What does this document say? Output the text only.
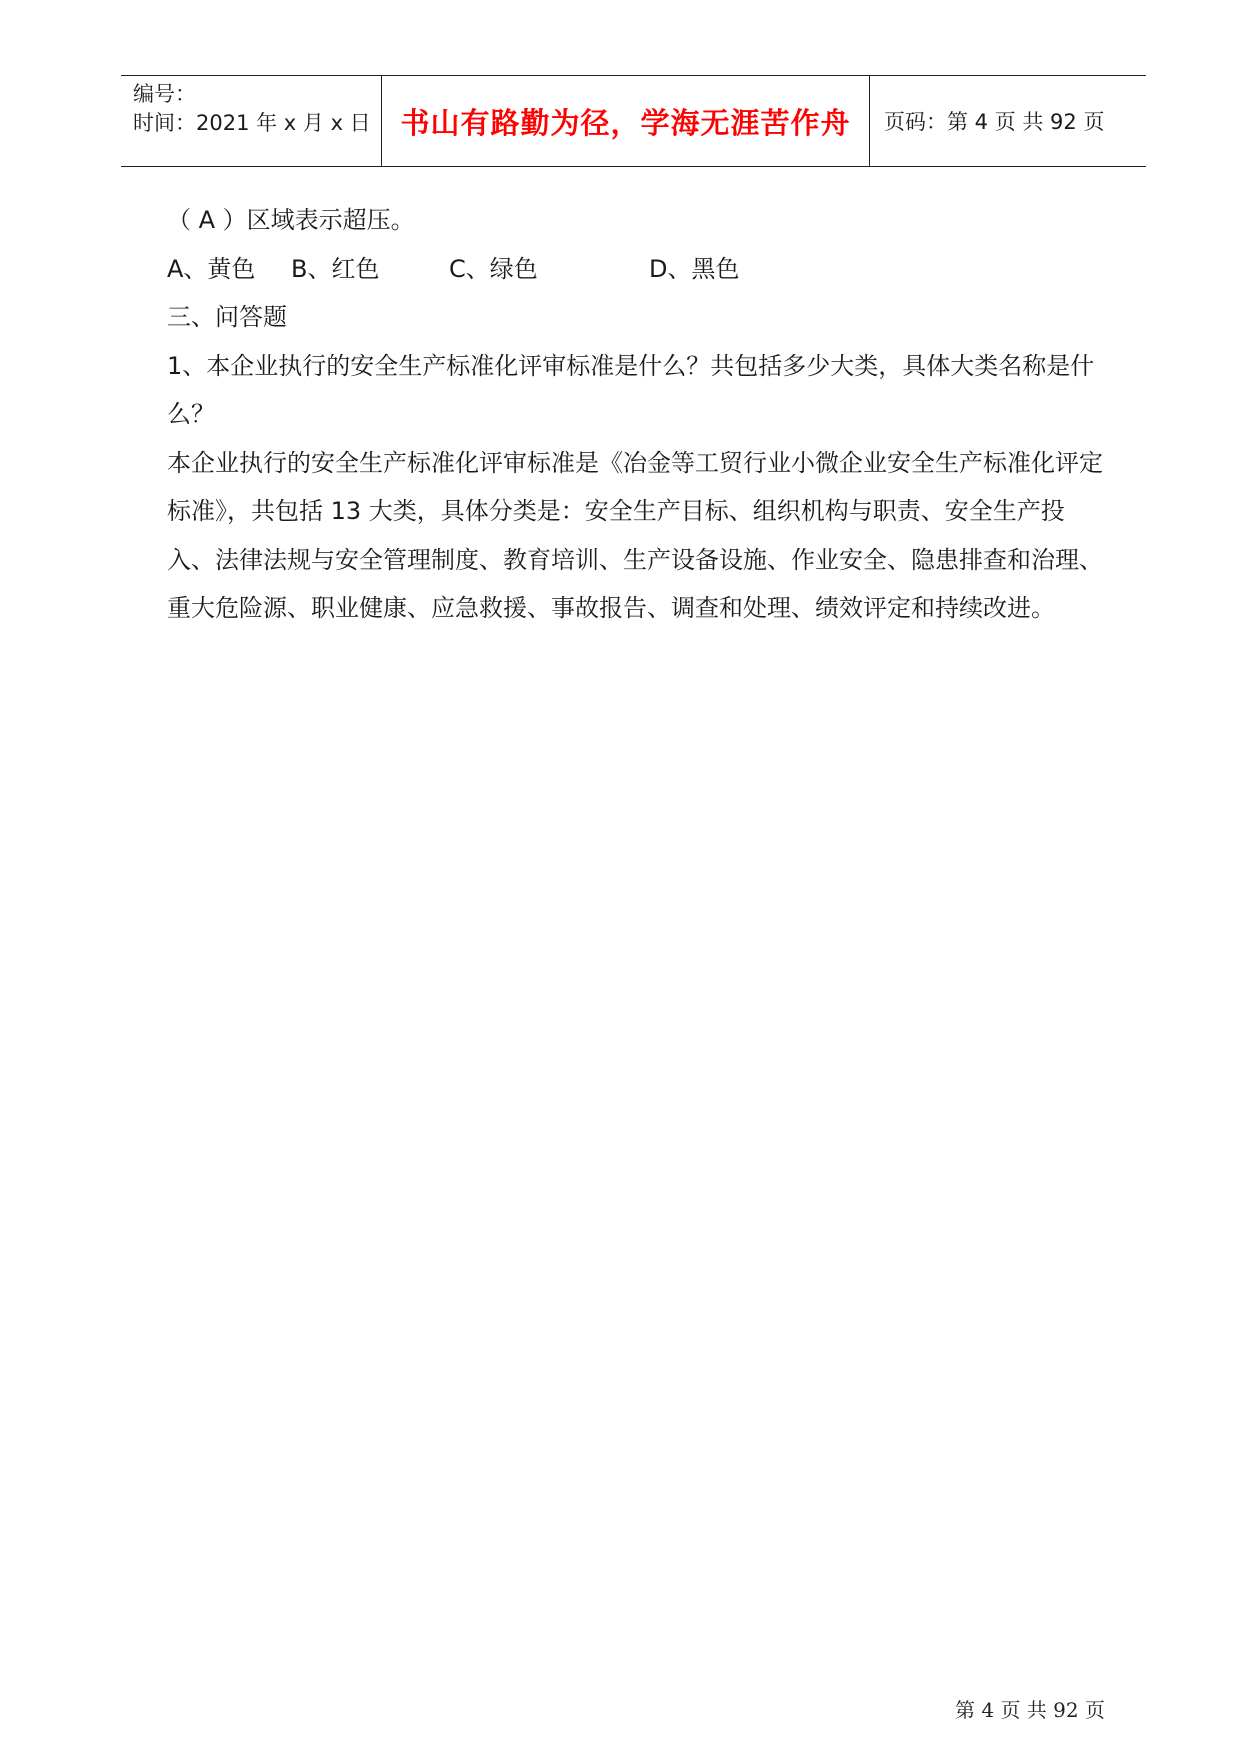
编号：
时间：2021 年 x 月 x 日	书山有路勤为径，学海无涯苦作舟 页码：第 4 页 共 92 页
（ A ）区域表示超压。
A、黄色 B、红色	C、绿色	D、黑色
三、问答题
1、本企业执行的安全生产标准化评审标准是什么？共包括多少大类，具体大类名称是什么？
本企业执行的安全生产标准化评审标准是《冶金等工贸行业小微企业安全生产标准化评定标准》，共包括 13 大类，具体分类是：安全生产目标、组织机构与职责、安全生产投入、法律法规与安全管理制度、教育培训、生产设备设施、作业安全、隐患排查和治理、重大危险源、职业健康、应急救援、事故报告、调查和处理、绩效评定和持续改进。
第 4 页 共 92 页
